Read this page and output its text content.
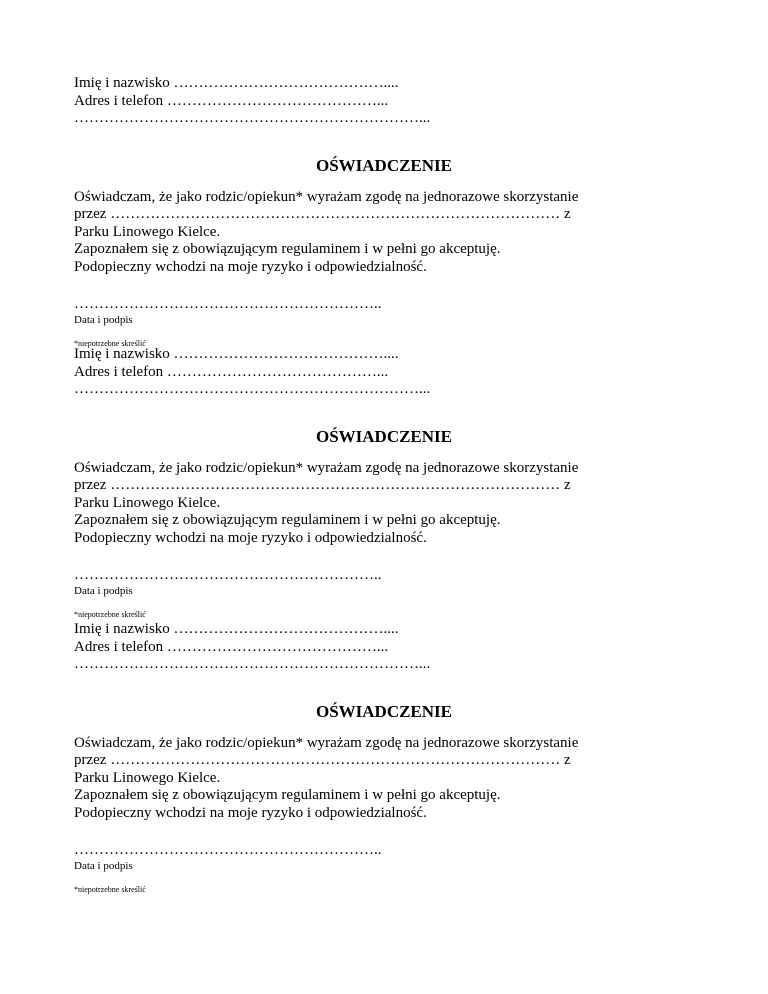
Imię i nazwisko ……………………………………....
Adres i telefon ……………………………………...
……………………………………………………………...
OŚWIADCZENIE
Oświadczam, że jako rodzic/opiekun* wyrażam zgodę na jednorazowe skorzystanie
przez ……………………………………………………………………………… z
Parku Linowego Kielce.
Zapoznałem się z obowiązującym regulaminem i w pełni go akceptuję.
Podopieczny wchodzi na moje ryzyko i odpowiedzialność.
……………………………………………………..
Data i podpis
*niepotrzebne skreślić
Imię i nazwisko ……………………………………....
Adres i telefon ……………………………………...
……………………………………………………………...
OŚWIADCZENIE
Oświadczam, że jako rodzic/opiekun* wyrażam zgodę na jednorazowe skorzystanie
przez ……………………………………………………………………………… z
Parku Linowego Kielce.
Zapoznałem się z obowiązującym regulaminem i w pełni go akceptuję.
Podopieczny wchodzi na moje ryzyko i odpowiedzialność.
……………………………………………………..
Data i podpis
*niepotrzebne skreślić
Imię i nazwisko ……………………………………....
Adres i telefon ……………………………………...
……………………………………………………………...
OŚWIADCZENIE
Oświadczam, że jako rodzic/opiekun* wyrażam zgodę na jednorazowe skorzystanie
przez ……………………………………………………………………………… z
Parku Linowego Kielce.
Zapoznałem się z obowiązującym regulaminem i w pełni go akceptuję.
Podopieczny wchodzi na moje ryzyko i odpowiedzialność.
……………………………………………………..
Data i podpis
*niepotrzebne skreślić
